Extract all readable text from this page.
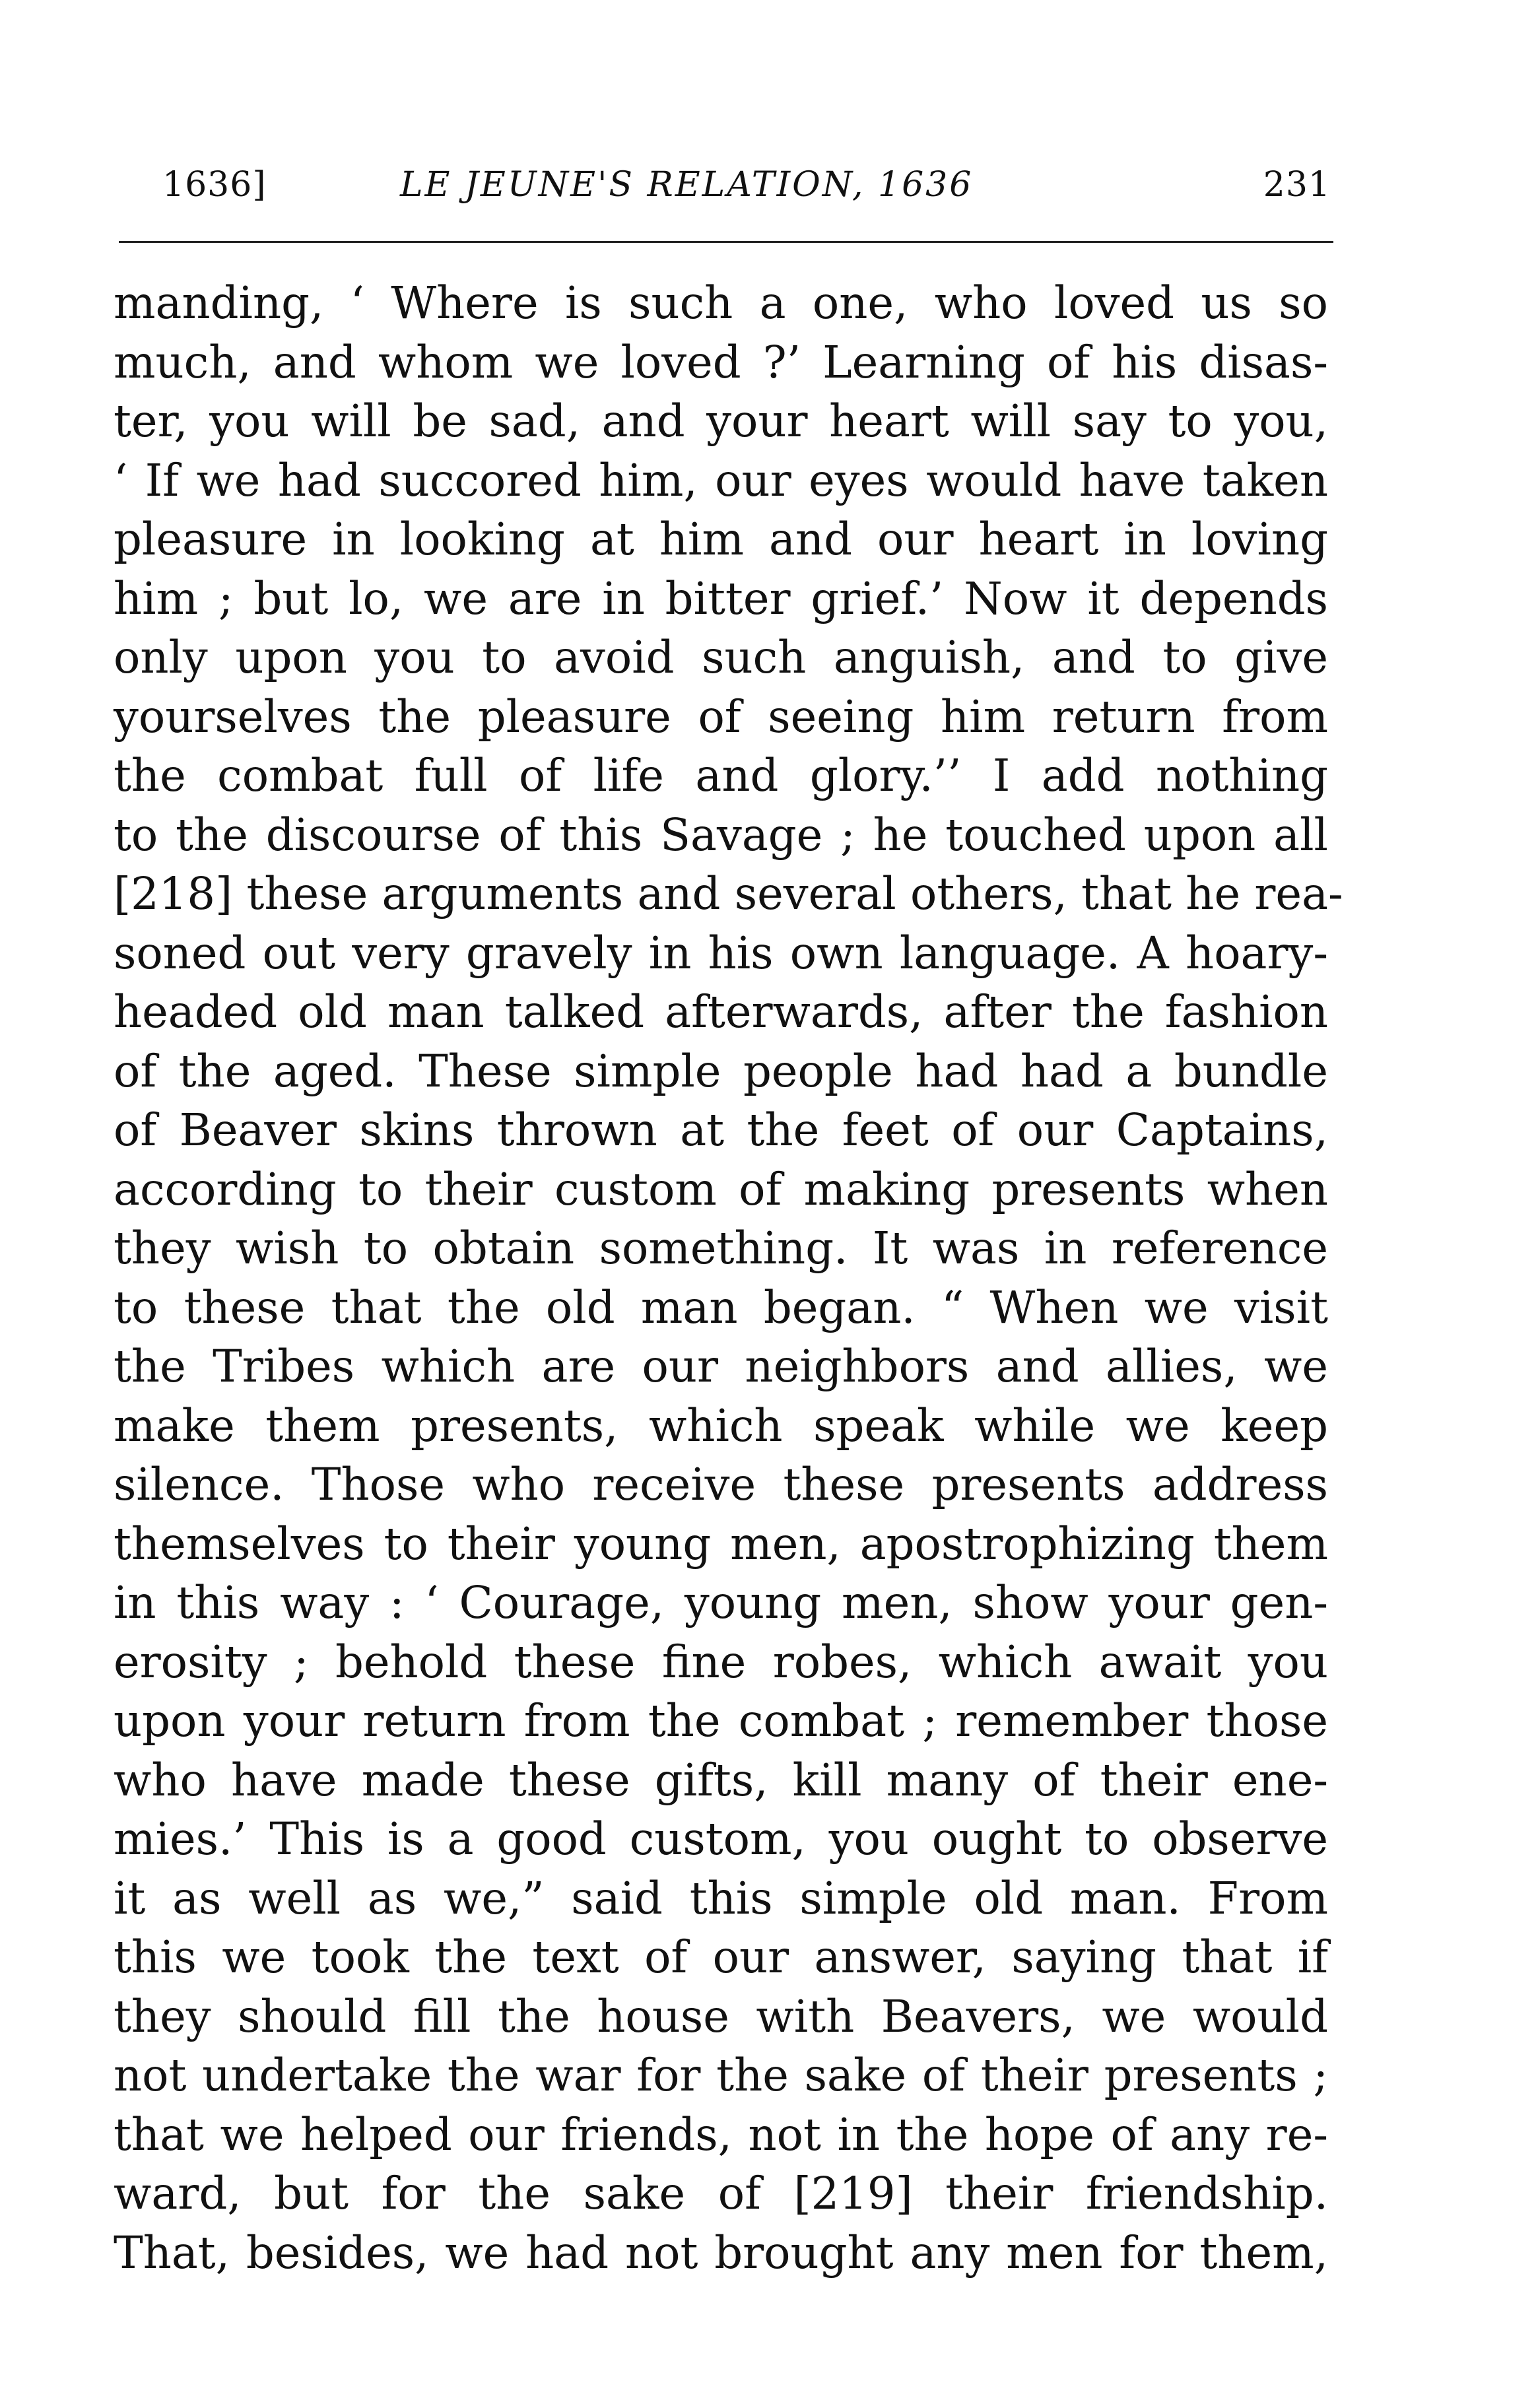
1636]	LE JEUNE'S RELATION, 1636	231
manding, ‘ Where is such a one, who loved us so
much, and whom we loved ?’ Learning of his disas-
ter, you will be sad, and your heart will say to you,
‘ If we had succored him, our eyes would have taken
pleasure in looking at him and our heart in loving
him ; but lo, we are in bitter grief.’ Now it depends
only upon you to avoid such anguish, and to give
yourselves the pleasure of seeing him return from
the combat full of life and glory.’’ I add nothing
to the discourse of this Savage ; he touched upon all
[218] these arguments and several others, that he rea-
soned out very gravely in his own language. A hoary-
headed old man talked afterwards, after the fashion
of the aged. These simple people had had a bundle
of Beaver skins thrown at the feet of our Captains,
according to their custom of making presents when
they wish to obtain something. It was in reference
to these that the old man began. “ When we visit
the Tribes which are our neighbors and allies, we
make them presents, which speak while we keep
silence. Those who receive these presents address
themselves to their young men, apostrophizing them
in this way : ‘ Courage, young men, show your gen-
erosity ; behold these fine robes, which await you
upon your return from the combat ; remember those
who have made these gifts, kill many of their ene-
mies.’ This is a good custom, you ought to observe
it as well as we,” said this simple old man. From
this we took the text of our answer, saying that if
they should fill the house with Beavers, we would
not undertake the war for the sake of their presents ;
that we helped our friends, not in the hope of any re-
ward, but for the sake of [219] their friendship.
That, besides, we had not brought any men for them,
